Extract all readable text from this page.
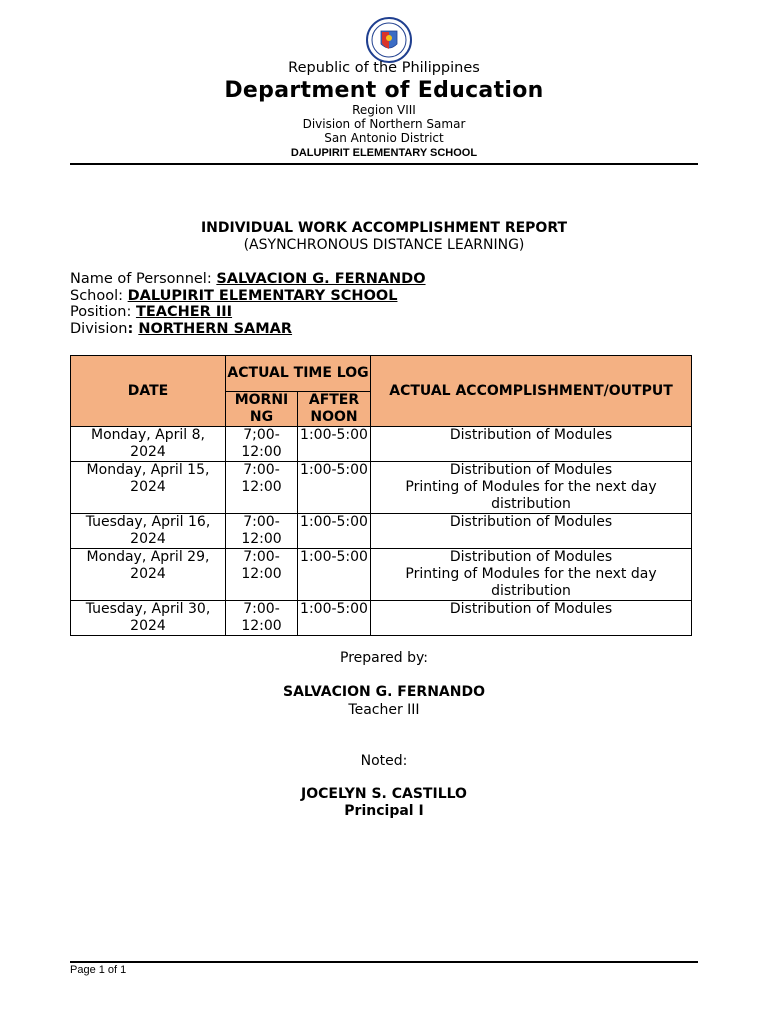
Republic of the Philippines
Department of Education
Region VIII
Division of Northern Samar
San Antonio District
DALUPIRIT ELEMENTARY SCHOOL
INDIVIDUAL WORK ACCOMPLISHMENT REPORT
(ASYNCHRONOUS DISTANCE LEARNING)
Name of Personnel: SALVACION G. FERNANDO
School: DALUPIRIT ELEMENTARY SCHOOL
Position: TEACHER III
Division: NORTHERN SAMAR
DATE	ACTUAL TIME LOG		ACTUAL ACCOMPLISHMENT/OUTPUT
	MORNI NG	AFTER NOON	
Monday, April 8, 2024	7;00-12:00	1:00-5:00	Distribution of Modules

Monday, April 15, 2024	7:00-12:00	1:00-5:00	Distribution of Modules
Printing of Modules for the next day distribution

Tuesday, April 16, 2024	7:00-12:00	1:00-5:00	Distribution of Modules

Monday, April 29, 2024	7:00-12:00	1:00-5:00	Distribution of Modules
Printing of Modules for the next day distribution

Tuesday, April 30, 2024	7:00-12:00	1:00-5:00	Distribution of Modules
Prepared by:
SALVACION G. FERNANDO
Teacher III
Noted:
JOCELYN S. CASTILLO
Principal I
Page 1 of 1
